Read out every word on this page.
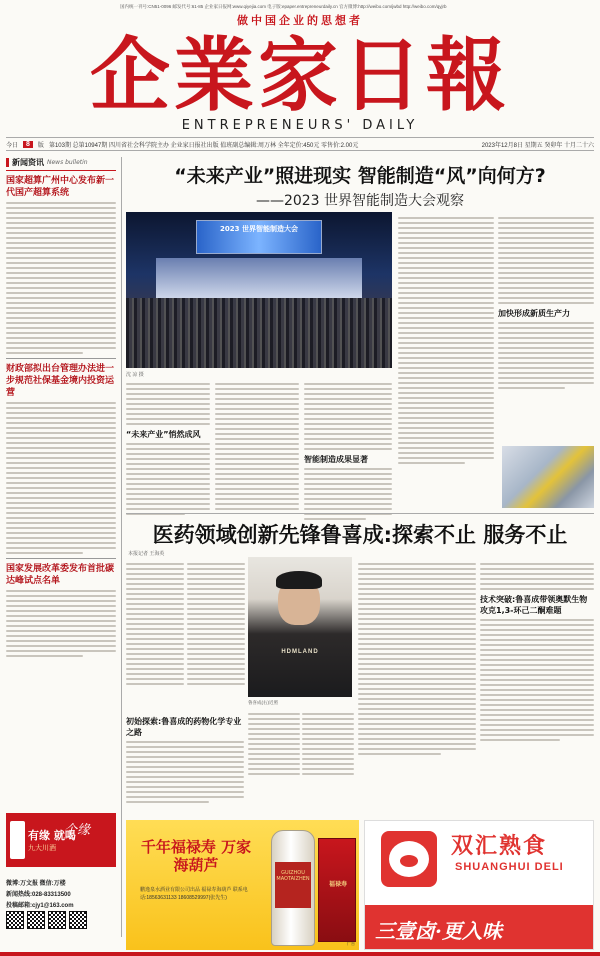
国内统一刊号:CN51-0096 邮发代号:61-85 企业家日报网:www.qiyejia.com 电子版:epaper.entrepreneurdaily.cn 官方微博:http://weibo.com/jwbd http://weibo.com/qyjrb
做中国企业的思想者
企業家日報
ENTREPRENEURS' DAILY
今日	8	版 第103期 总第10947期 四川省社会科学院主办 企业家日报社出版 值班副总编辑:周万林 全年定价:450元 零售价:2.00元	2023年12月8日 星期五 癸卯年 十月二十六
新闻资讯 News bulletin
国家超算广州中心发布新一代国产超算系统
财政部拟出台管理办法进一步规范社保基金境内投资运营
国家发展改革委发布首批碳达峰试点名单
有缘 就喝
九大川酒
个缘
微博:万文报 微信:万楼
新闻热线:028-83313500
投稿邮箱:cjy1@163.com
“未来产业”照进现实 智能制造“风”向何方?
——2023 世界智能制造大会观察
2023 世界智能制造大会
沈 凉 摄
“未来产业”悄然成风
智能制造成果显著
加快形成新质生产力
医药领域创新先锋鲁喜成:探索不止 服务不止
本报记者 王海英
初始探索:鲁喜成的药物化学专业之路
HDMLAND
鲁喜成(右)近照
技术突破:鲁喜成带领奥默生物攻克1,3-环己二酮难题
千年福禄寿 万家海葫芦
鹏逸泉水酒业有限公司出品 福禄寿海葫芦 联系电话:18563631133 18608529997(张先生)
GUIZHOU MAOTAIZHEN
福禄寿
广告
双汇熟食
SHUANGHUI DELI
三壹卤·更入味
